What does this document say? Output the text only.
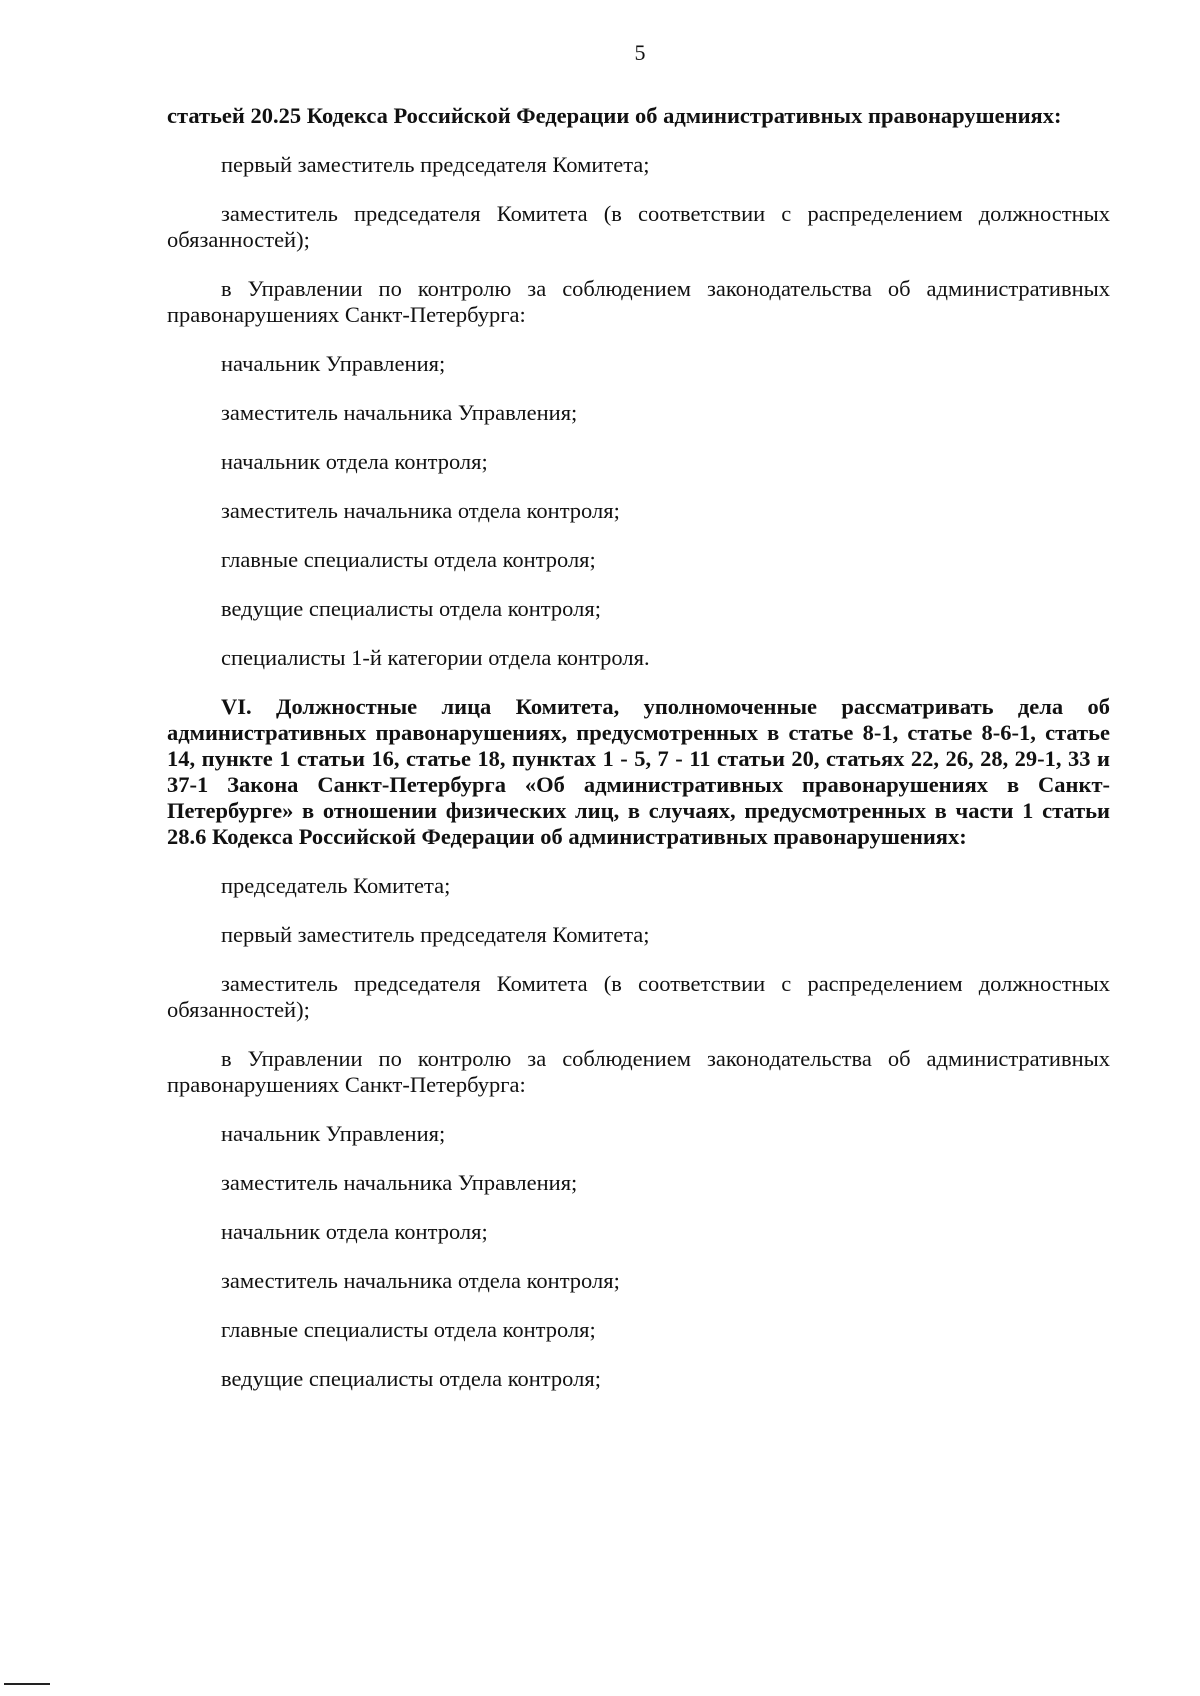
5

статьей 20.25 Кодекса Российской Федерации об административных правонарушениях:

первый заместитель председателя Комитета;

заместитель председателя Комитета (в соответствии с распределением должностных обязанностей);

в Управлении по контролю за соблюдением законодательства об административных правонарушениях Санкт-Петербурга:

начальник Управления;

заместитель начальника Управления;

начальник отдела контроля;

заместитель начальника отдела контроля;

главные специалисты отдела контроля;

ведущие специалисты отдела контроля;

специалисты 1-й категории отдела контроля.

VI. Должностные лица Комитета, уполномоченные рассматривать дела об административных правонарушениях, предусмотренных в статье 8-1, статье 8-6-1, статье 14, пункте 1 статьи 16, статье 18, пунктах 1 - 5, 7 - 11 статьи 20, статьях 22, 26, 28, 29-1, 33 и 37-1 Закона Санкт-Петербурга «Об административных правонарушениях в Санкт-Петербурге» в отношении физических лиц, в случаях, предусмотренных в части 1 статьи 28.6 Кодекса Российской Федерации об административных правонарушениях:

председатель Комитета;

первый заместитель председателя Комитета;

заместитель председателя Комитета (в соответствии с распределением должностных обязанностей);

в Управлении по контролю за соблюдением законодательства об административных правонарушениях Санкт-Петербурга:

начальник Управления;

заместитель начальника Управления;

начальник отдела контроля;

заместитель начальника отдела контроля;

главные специалисты отдела контроля;

ведущие специалисты отдела контроля;
